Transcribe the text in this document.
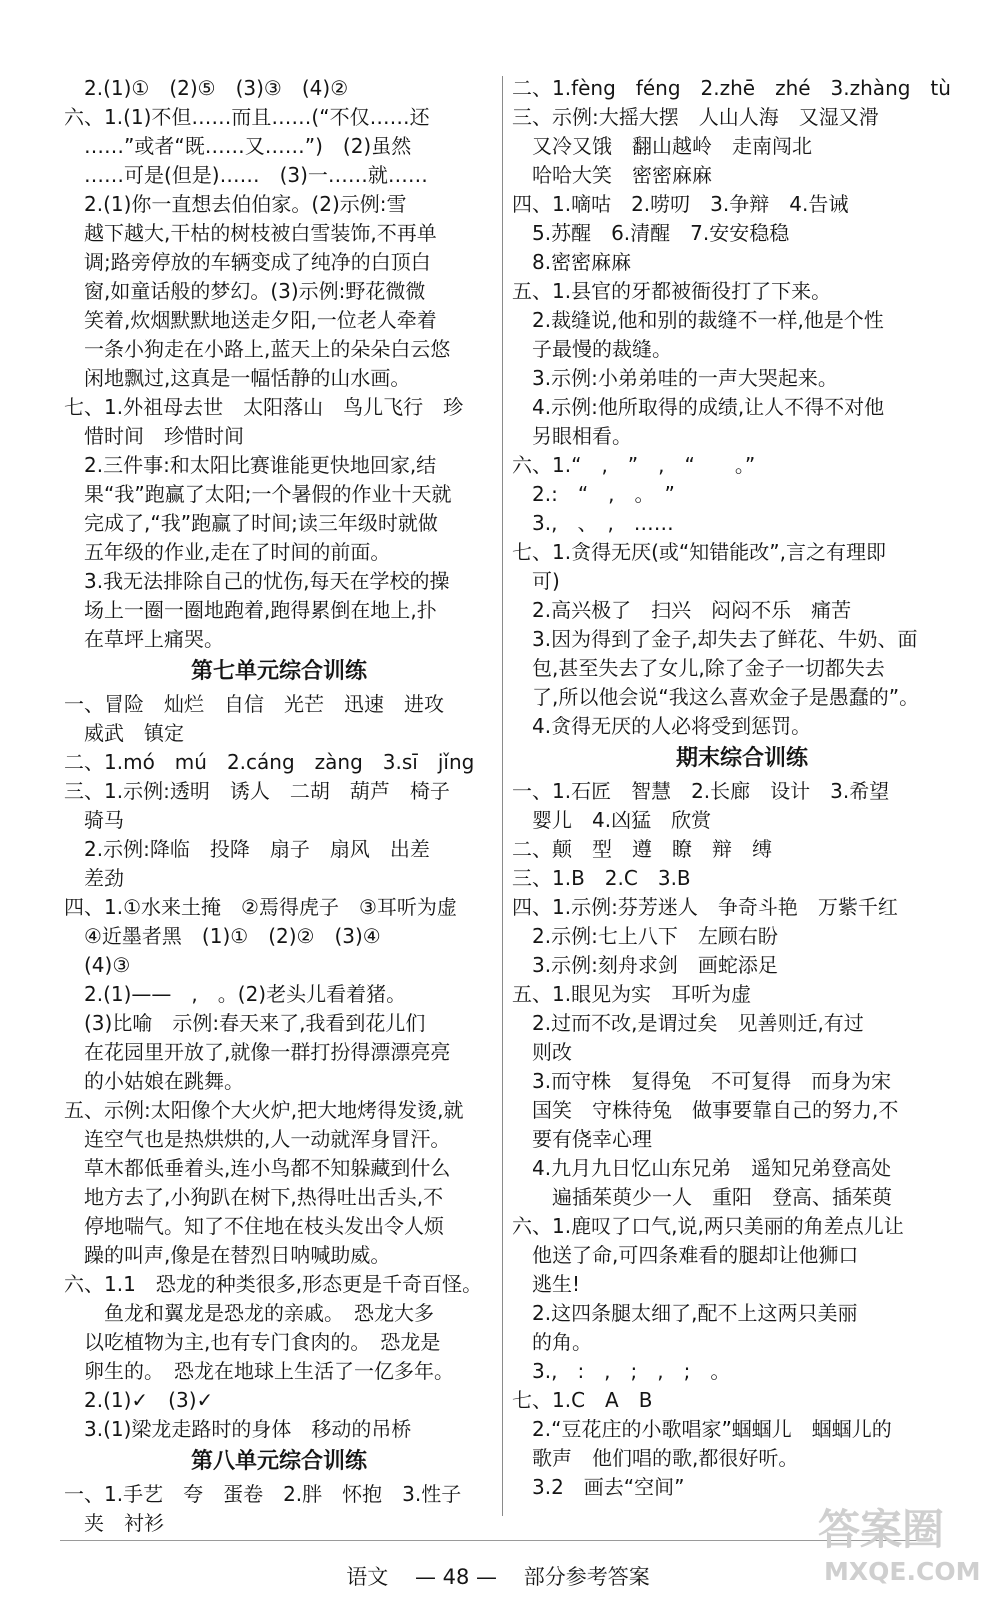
　2.(1)①　(2)⑤　(3)③　(4)②
六、1.(1)不但……而且……(“不仅……还
　……”或者“既……又……”)　(2)虽然
　……可是(但是)……　(3)一……就……
　2.(1)你一直想去伯伯家。(2)示例:雪
　越下越大,干枯的树枝被白雪装饰,不再单
　调;路旁停放的车辆变成了纯净的白顶白
　窗,如童话般的梦幻。(3)示例:野花微微
　笑着,炊烟默默地送走夕阳,一位老人牵着
　一条小狗走在小路上,蓝天上的朵朵白云悠
　闲地飘过,这真是一幅恬静的山水画。
七、1.外祖母去世　太阳落山　鸟儿飞行　珍
　惜时间　珍惜时间
　2.三件事:和太阳比赛谁能更快地回家,结
　果“我”跑赢了太阳;一个暑假的作业十天就
　完成了,“我”跑赢了时间;读三年级时就做
　五年级的作业,走在了时间的前面。
　3.我无法排除自己的忧伤,每天在学校的操
　场上一圈一圈地跑着,跑得累倒在地上,扑
　在草坪上痛哭。
第七单元综合训练
一、冒险　灿烂　自信　光芒　迅速　进攻
　威武　镇定
二、1.mó　mú　2.cáng　zàng　3.sī　jǐng
三、1.示例:透明　诱人　二胡　葫芦　椅子
　骑马
　2.示例:降临　投降　扇子　扇风　出差
　差劲
四、1.①水来土掩　②焉得虎子　③耳听为虚
　④近墨者黑　(1)①　(2)②　(3)④
　(4)③
　2.(1)——　,　。(2)老头儿看着猪。
　(3)比喻　示例:春天来了,我看到花儿们
　在花园里开放了,就像一群打扮得漂漂亮亮
　的小姑娘在跳舞。
五、示例:太阳像个大火炉,把大地烤得发烫,就
　连空气也是热烘烘的,人一动就浑身冒汗。
　草木都低垂着头,连小鸟都不知躲藏到什么
　地方去了,小狗趴在树下,热得吐出舌头,不
　停地喘气。知了不住地在枝头发出令人烦
　躁的叫声,像是在替烈日呐喊助威。
六、1.1　恐龙的种类很多,形态更是千奇百怪。
　　鱼龙和翼龙是恐龙的亲戚。　恐龙大多
　以吃植物为主,也有专门食肉的。　恐龙是
　卵生的。　恐龙在地球上生活了一亿多年。
　2.(1)✓　(3)✓
　3.(1)梁龙走路时的身体　移动的吊桥
第八单元综合训练
一、1.手艺　夸　蛋卷　2.胖　怀抱　3.性子
　夹　衬衫
二、1.fèng　féng　2.zhē　zhé　3.zhàng　tù
三、示例:大摇大摆　人山人海　又湿又滑
　又冷又饿　翻山越岭　走南闯北
　哈哈大笑　密密麻麻
四、1.嘀咕　2.唠叨　3.争辩　4.告诫
　5.苏醒　6.清醒　7.安安稳稳
　8.密密麻麻
五、1.县官的牙都被衙役打了下来。
　2.裁缝说,他和别的裁缝不一样,他是个性
　子最慢的裁缝。
　3.示例:小弟弟哇的一声大哭起来。
　4.示例:他所取得的成绩,让人不得不对他
　另眼相看。
六、1.“　,　”　,　“　　。”
　2.:　“　,　。　”
　3.,　、　,　……
七、1.贪得无厌(或“知错能改”,言之有理即
　可)
　2.高兴极了　扫兴　闷闷不乐　痛苦
　3.因为得到了金子,却失去了鲜花、牛奶、面
　包,甚至失去了女儿,除了金子一切都失去
　了,所以他会说“我这么喜欢金子是愚蠢的”。
　4.贪得无厌的人必将受到惩罚。
期末综合训练
一、1.石匠　智慧　2.长廊　设计　3.希望
　婴儿　4.凶猛　欣赏
二、颠　型　遵　瞭　辩　缚
三、1.B　2.C　3.B
四、1.示例:芬芳迷人　争奇斗艳　万紫千红
　2.示例:七上八下　左顾右盼
　3.示例:刻舟求剑　画蛇添足
五、1.眼见为实　耳听为虚
　2.过而不改,是谓过矣　见善则迁,有过
　则改
　3.而守株　复得兔　不可复得　而身为宋
　国笑　守株待兔　做事要靠自己的努力,不
　要有侥幸心理
　4.九月九日忆山东兄弟　遥知兄弟登高处
　　遍插茱萸少一人　重阳　登高、插茱萸
六、1.鹿叹了口气,说,两只美丽的角差点儿让
　他送了命,可四条难看的腿却让他狮口
　逃生!
　2.这四条腿太细了,配不上这两只美丽
　的角。
　3.,　:　,　;　,　;　。
七、1.C　A　B
　2.“豆花庄的小歌唱家”蝈蝈儿　蝈蝈儿的
　歌声　他们唱的歌,都很好听。
　3.2　画去“空间”
语文 — 48 — 部分参考答案
答案圈
MXQE.COM
